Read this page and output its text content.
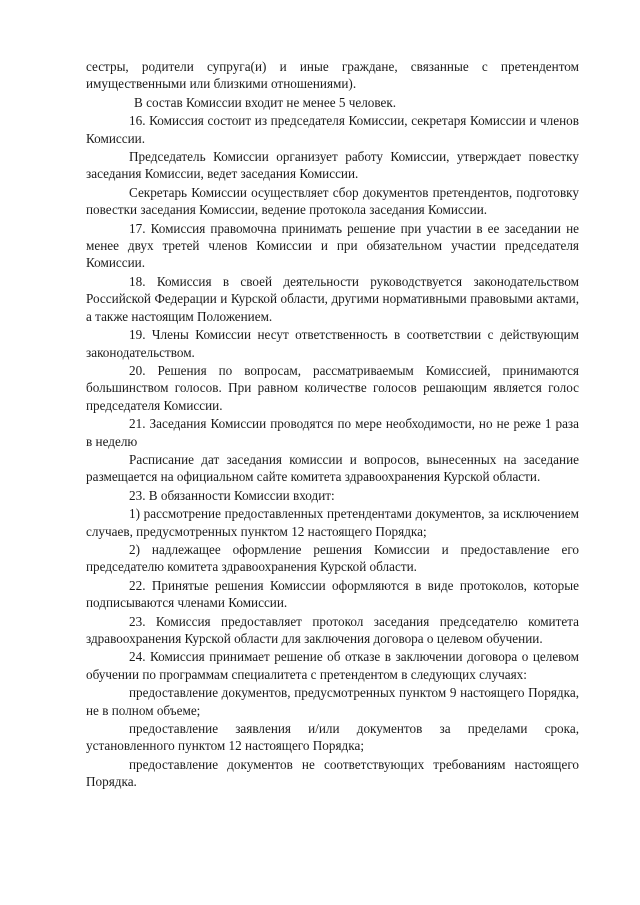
сестры, родители супруга(и) и иные граждане, связанные с претендентом имущественными или близкими отношениями).

В состав Комиссии входит не менее 5 человек.

16. Комиссия состоит из председателя Комиссии, секретаря Комиссии и членов Комиссии.

Председатель Комиссии организует работу Комиссии, утверждает повестку заседания Комиссии, ведет заседания Комиссии.

Секретарь Комиссии осуществляет сбор документов претендентов, подготовку повестки заседания Комиссии, ведение протокола заседания Комиссии.

17. Комиссия правомочна принимать решение при участии в ее заседании не менее двух третей членов Комиссии и при обязательном участии председателя Комиссии.

18. Комиссия в своей деятельности руководствуется законодательством Российской Федерации и Курской области, другими нормативными правовыми актами, а также настоящим Положением.

19. Члены Комиссии несут ответственность в соответствии с действующим законодательством.

20. Решения по вопросам, рассматриваемым Комиссией, принимаются большинством голосов. При равном количестве голосов решающим является голос председателя Комиссии.

21. Заседания Комиссии проводятся по мере необходимости, но не реже 1 раза в неделю

Расписание дат заседания комиссии и вопросов, вынесенных на заседание размещается на официальном сайте комитета здравоохранения Курской области.

23. В обязанности Комиссии входит:

1) рассмотрение предоставленных претендентами документов, за исключением случаев, предусмотренных пунктом 12 настоящего Порядка;

2) надлежащее оформление решения Комиссии и предоставление его председателю комитета здравоохранения Курской области.

22. Принятые решения Комиссии оформляются в виде протоколов, которые подписываются членами Комиссии.

23. Комиссия предоставляет протокол заседания председателю комитета здравоохранения Курской области для заключения договора о целевом обучении.

24. Комиссия принимает решение об отказе в заключении договора о целевом обучении по программам специалитета с претендентом в следующих случаях:

предоставление документов, предусмотренных пунктом 9 настоящего Порядка, не в полном объеме;

предоставление заявления и/или документов за пределами срока, установленного пунктом 12 настоящего Порядка;

предоставление документов не соответствующих требованиям настоящего Порядка.
